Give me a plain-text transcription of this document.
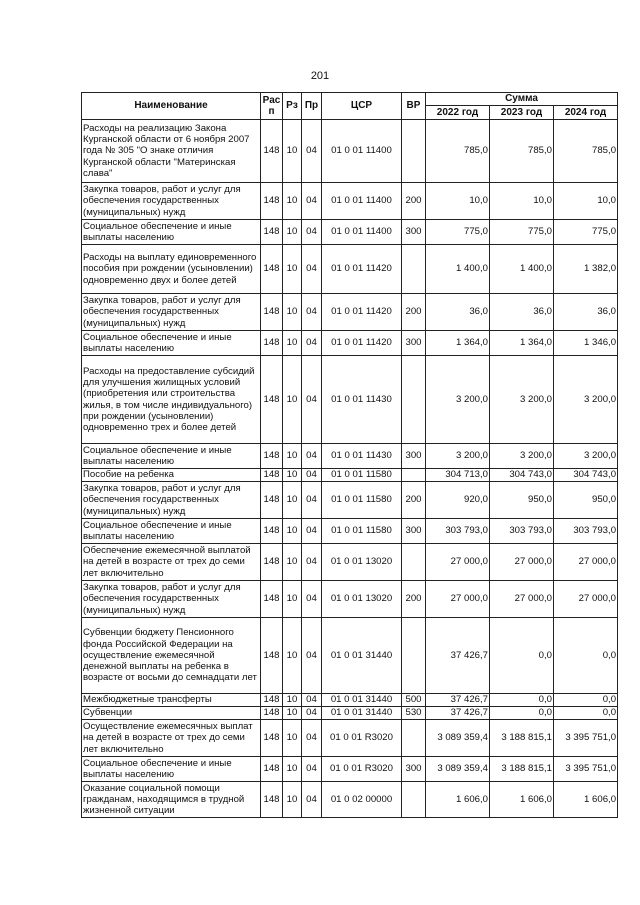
201
Наименование	Рас п	Рз	Пр	ЦСР	ВР	Сумма		
						2022 год	2023 год	2024 год
Расходы на реализацию Закона Курганской области от 6 ноября 2007 года № 305 "О знаке отличия Курганской области "Материнская слава"	148	10	04	01 0 01 11400		785,0	785,0	785,0
Закупка товаров, работ и услуг для обеспечения государственных (муниципальных) нужд	148	10	04	01 0 01 11400	200	10,0	10,0	10,0
Социальное обеспечение и иные выплаты населению	148	10	04	01 0 01 11400	300	775,0	775,0	775,0
Расходы на выплату единовременного пособия при рождении (усыновлении) одновременно двух и более детей	148	10	04	01 0 01 11420		1 400,0	1 400,0	1 382,0
Закупка товаров, работ и услуг для обеспечения государственных (муниципальных) нужд	148	10	04	01 0 01 11420	200	36,0	36,0	36,0
Социальное обеспечение и иные выплаты населению	148	10	04	01 0 01 11420	300	1 364,0	1 364,0	1 346,0
Расходы на предоставление субсидий для улучшения жилищных условий (приобретения или строительства жилья, в том числе индивидуального) при рождении (усыновлении) одновременно трех и более детей	148	10	04	01 0 01 11430		3 200,0	3 200,0	3 200,0
Социальное обеспечение и иные выплаты населению	148	10	04	01 0 01 11430	300	3 200,0	3 200,0	3 200,0
Пособие на ребенка	148	10	04	01 0 01 11580		304 713,0	304 743,0	304 743,0
Закупка товаров, работ и услуг для обеспечения государственных (муниципальных) нужд	148	10	04	01 0 01 11580	200	920,0	950,0	950,0
Социальное обеспечение и иные выплаты населению	148	10	04	01 0 01 11580	300	303 793,0	303 793,0	303 793,0
Обеспечение ежемесячной выплатой на детей в возрасте от трех до семи лет включительно	148	10	04	01 0 01 13020		27 000,0	27 000,0	27 000,0
Закупка товаров, работ и услуг для обеспечения государственных (муниципальных) нужд	148	10	04	01 0 01 13020	200	27 000,0	27 000,0	27 000,0
Субвенции бюджету Пенсионного фонда Российской Федерации на осуществление ежемесячной денежной выплаты на ребенка в возрасте от восьми до семнадцати лет	148	10	04	01 0 01 31440		37 426,7	0,0	0,0
Межбюджетные трансферты	148	10	04	01 0 01 31440	500	37 426,7	0,0	0,0
Субвенции	148	10	04	01 0 01 31440	530	37 426,7	0,0	0,0
Осуществление ежемесячных выплат на детей в возрасте от трех до семи лет включительно	148	10	04	01 0 01 R3020		3 089 359,4	3 188 815,1	3 395 751,0
Социальное обеспечение и иные выплаты населению	148	10	04	01 0 01 R3020	300	3 089 359,4	3 188 815,1	3 395 751,0
Оказание социальной помощи гражданам, находящимся в трудной жизненной ситуации	148	10	04	01 0 02 00000		1 606,0	1 606,0	1 606,0
